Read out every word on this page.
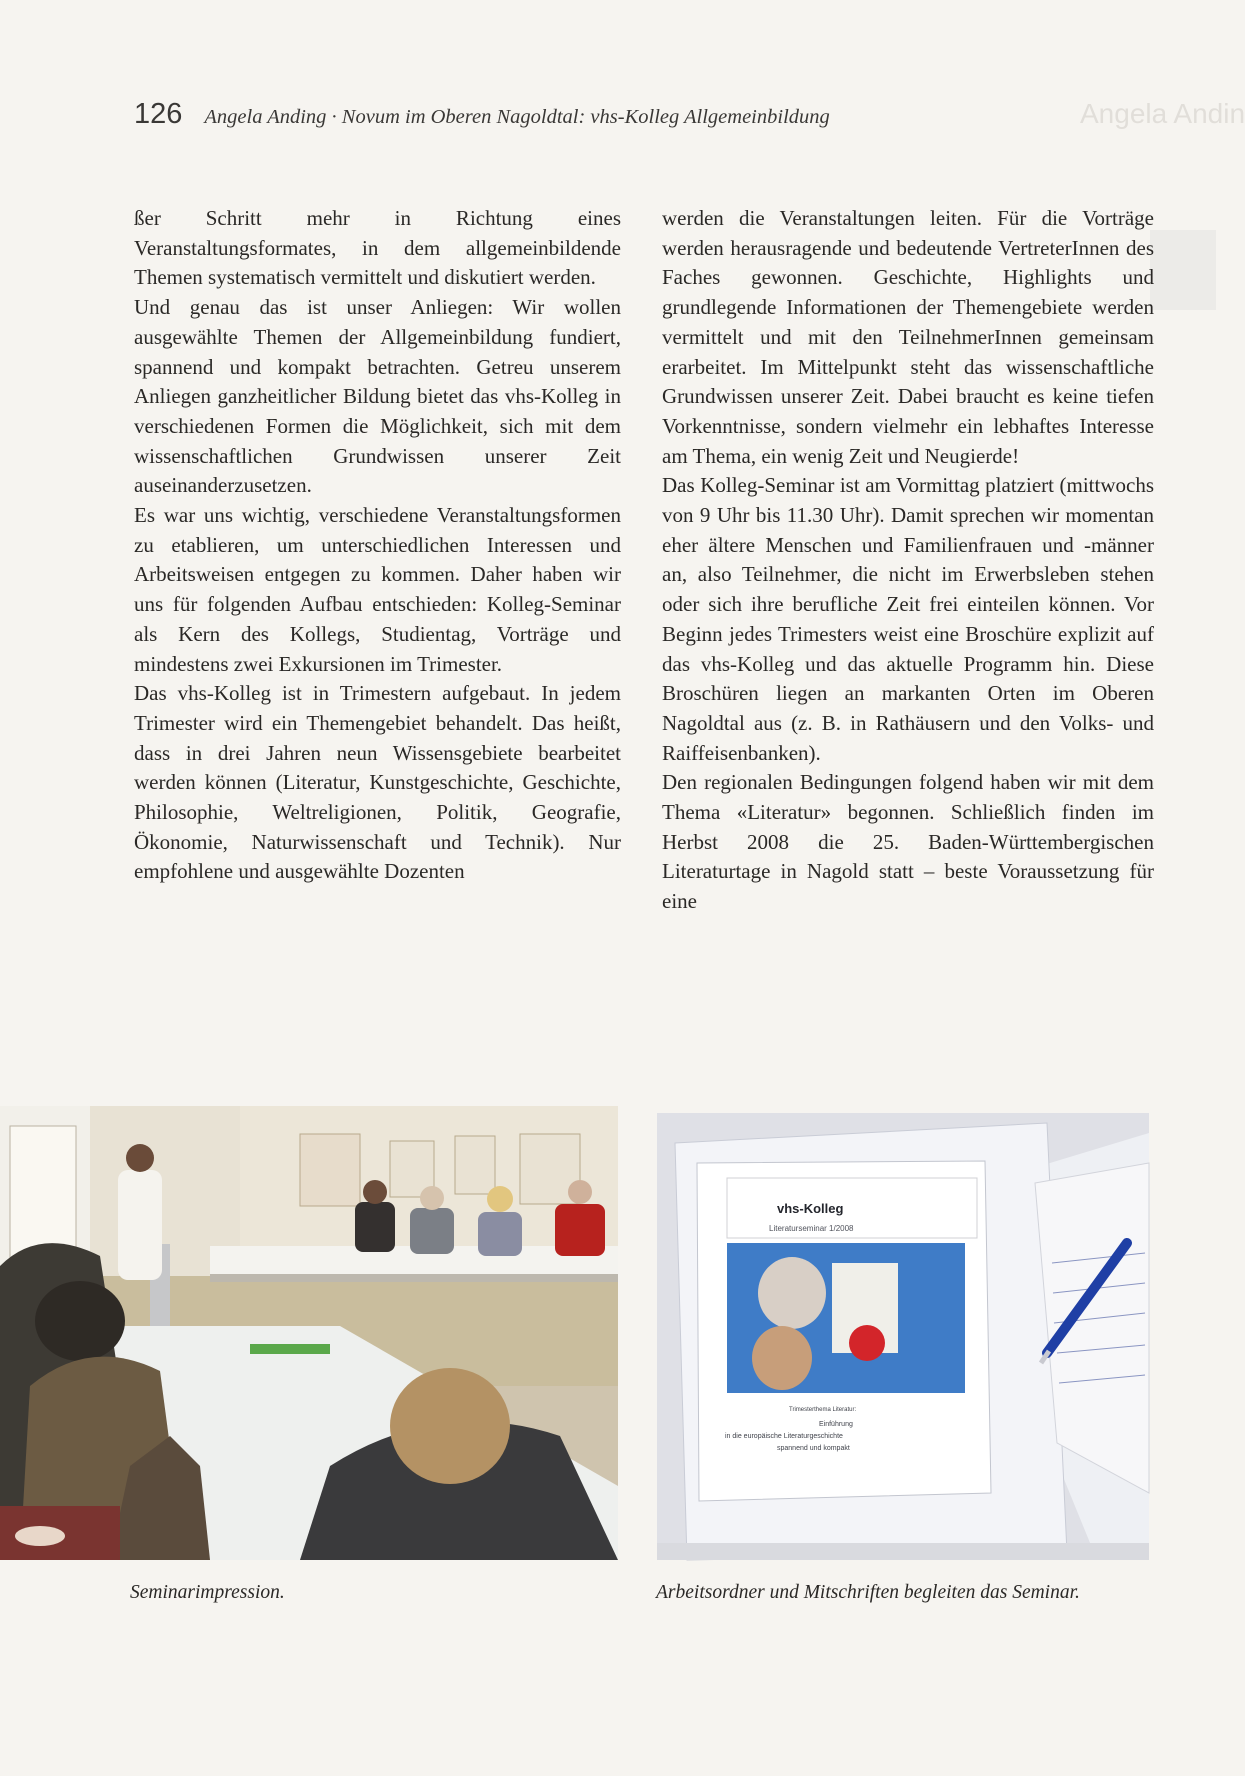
Angela Andin
126 Angela Anding · Novum im Oberen Nagoldtal: vhs-Kolleg Allgemeinbildung

ßer Schritt mehr in Richtung eines Veranstaltungsformates, in dem allgemeinbildende Themen systematisch vermittelt und diskutiert werden.

Und genau das ist unser Anliegen: Wir wollen ausgewählte Themen der Allgemeinbildung fundiert, spannend und kompakt betrachten. Getreu unserem Anliegen ganzheitlicher Bildung bietet das vhs-Kolleg in verschiedenen Formen die Möglichkeit, sich mit dem wissenschaftlichen Grundwissen unserer Zeit auseinanderzusetzen.

Es war uns wichtig, verschiedene Veranstaltungsformen zu etablieren, um unterschiedlichen Interessen und Arbeitsweisen entgegen zu kommen. Daher haben wir uns für folgenden Aufbau entschieden: Kolleg-Seminar als Kern des Kollegs, Studientag, Vorträge und mindestens zwei Exkursionen im Trimester.

Das vhs-Kolleg ist in Trimestern aufgebaut. In jedem Trimester wird ein Themengebiet behandelt. Das heißt, dass in drei Jahren neun Wissensgebiete bearbeitet werden können (Literatur, Kunstgeschichte, Geschichte, Philosophie, Weltreligionen, Politik, Geografie, Ökonomie, Naturwissenschaft und Technik). Nur empfohlene und ausgewählte Dozenten

werden die Veranstaltungen leiten. Für die Vorträge werden herausragende und bedeutende VertreterInnen des Faches gewonnen. Geschichte, Highlights und grundlegende Informationen der Themengebiete werden vermittelt und mit den TeilnehmerInnen gemeinsam erarbeitet. Im Mittelpunkt steht das wissenschaftliche Grundwissen unserer Zeit. Dabei braucht es keine tiefen Vorkenntnisse, sondern vielmehr ein lebhaftes Interesse am Thema, ein wenig Zeit und Neugierde!

Das Kolleg-Seminar ist am Vormittag platziert (mittwochs von 9 Uhr bis 11.30 Uhr). Damit sprechen wir momentan eher ältere Menschen und Familienfrauen und -männer an, also Teilnehmer, die nicht im Erwerbsleben stehen oder sich ihre berufliche Zeit frei einteilen können. Vor Beginn jedes Trimesters weist eine Broschüre explizit auf das vhs-Kolleg und das aktuelle Programm hin. Diese Broschüren liegen an markanten Orten im Oberen Nagoldtal aus (z. B. in Rathäusern und den Volks- und Raiffeisenbanken).

Den regionalen Bedingungen folgend haben wir mit dem Thema «Literatur» begonnen. Schließlich finden im Herbst 2008 die 25. Baden-Württembergischen Literaturtage in Nagold statt – beste Voraussetzung für eine

Seminarimpression.
vhs-Kolleg
Literaturseminar 1/2008
Trimesterthema Literatur:
Einführung
in die europäische Literaturgeschichte
spannend und kompakt
Arbeitsordner und Mitschriften begleiten das Seminar.
